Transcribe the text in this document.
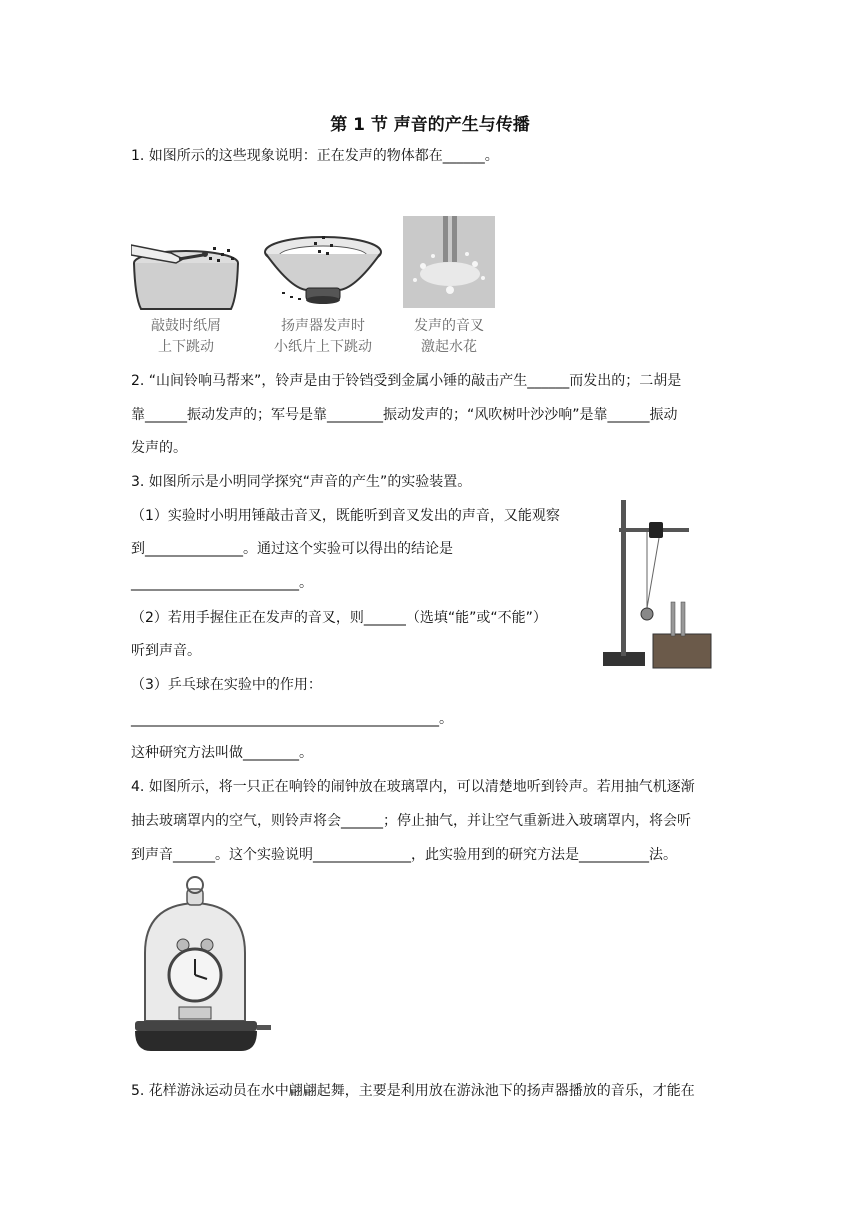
第 1 节 声音的产生与传播
1. 如图所示的这些现象说明：正在发声的物体都在______。
敲鼓时纸屑
上下跳动
扬声器发声时
小纸片上下跳动
发声的音叉
激起水花
2. “山间铃响马帮来”，铃声是由于铃铛受到金属小锤的敲击产生______而发出的；二胡是
靠______振动发声的；军号是靠________振动发声的；“风吹树叶沙沙响”是靠______振动
发声的。
3. 如图所示是小明同学探究“声音的产生”的实验装置。
（1）实验时小明用锤敲击音叉，既能听到音叉发出的声音，又能观察
到______________。通过这个实验可以得出的结论是
________________________。
（2）若用手握住正在发声的音叉，则______（选填“能”或“不能”）
听到声音。
（3）乒乓球在实验中的作用：
____________________________________________。
这种研究方法叫做________。
4. 如图所示，将一只正在响铃的闹钟放在玻璃罩内，可以清楚地听到铃声。若用抽气机逐渐
抽去玻璃罩内的空气，则铃声将会______；停止抽气，并让空气重新进入玻璃罩内，将会听
到声音______。这个实验说明______________，此实验用到的研究方法是__________法。
5. 花样游泳运动员在水中翩翩起舞，主要是利用放在游泳池下的扬声器播放的音乐，才能在
